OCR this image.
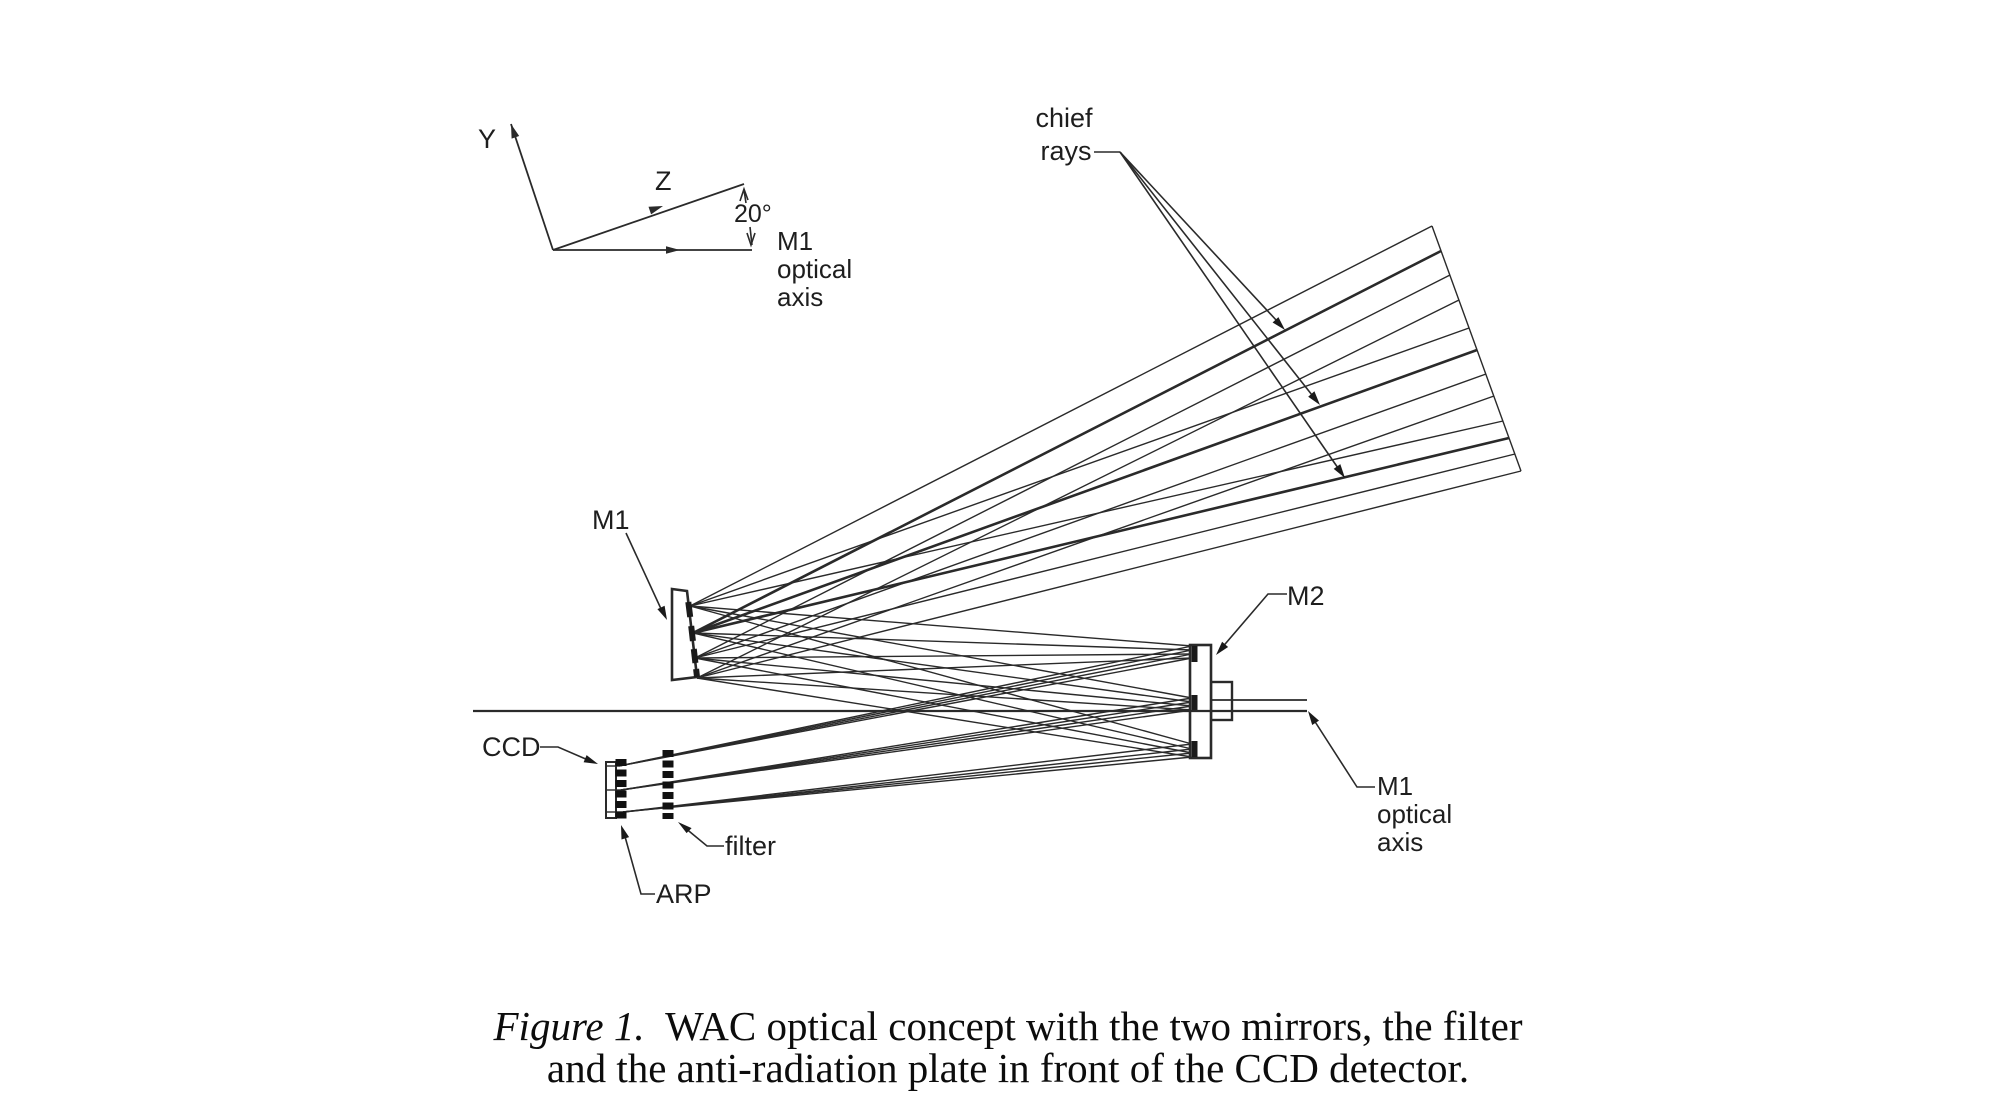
Y
Z
20°
M1
optical
axis
chief
rays
M1
M2
CCD
filter
ARP
M1
optical
axis
Figure 1. WAC optical concept with the two mirrors, the filter
and the anti-radiation plate in front of the CCD detector.
